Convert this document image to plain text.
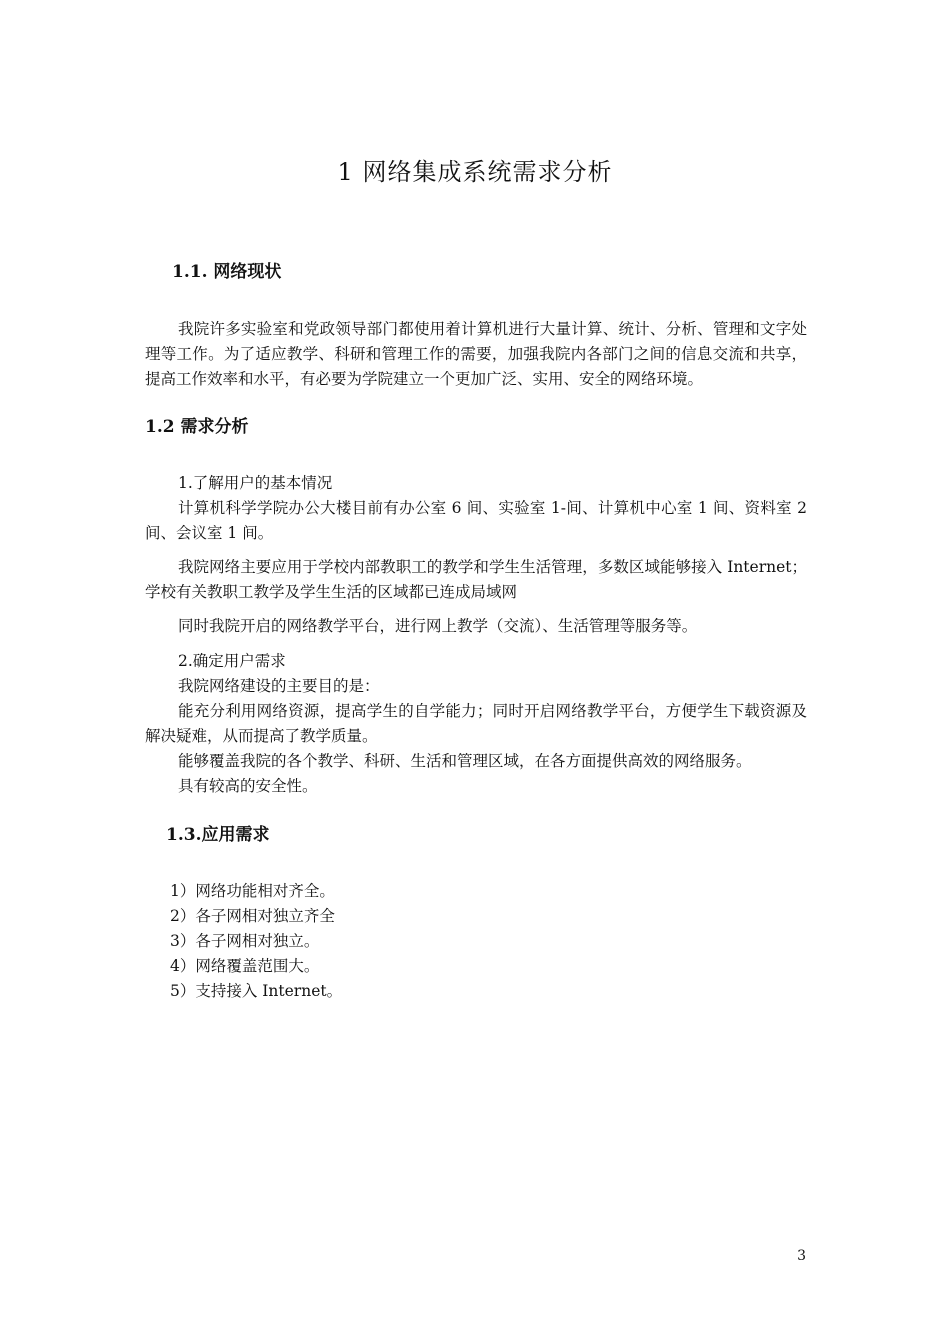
1 网络集成系统需求分析
1.1. 网络现状
我院许多实验室和党政领导部门都使用着计算机进行大量计算、统计、分析、管理和文字处理等工作。为了适应教学、科研和管理工作的需要，加强我院内各部门之间的信息交流和共享，提高工作效率和水平，有必要为学院建立一个更加广泛、实用、安全的网络环境。
1.2 需求分析
1.了解用户的基本情况
计算机科学学院办公大楼目前有办公室 6 间、实验室 1-间、计算机中心室 1 间、资料室 2 间、会议室 1 间。
我院网络主要应用于学校内部教职工的教学和学生生活管理，多数区域能够接入 Internet；学校有关教职工教学及学生生活的区域都已连成局域网
同时我院开启的网络教学平台，进行网上教学（交流）、生活管理等服务等。
2.确定用户需求
我院网络建设的主要目的是：
能充分利用网络资源，提高学生的自学能力；同时开启网络教学平台，方便学生下载资源及解决疑难，从而提高了教学质量。
能够覆盖我院的各个教学、科研、生活和管理区域，在各方面提供高效的网络服务。
具有较高的安全性。
1.3.应用需求
1）网络功能相对齐全。
2）各子网相对独立齐全
3）各子网相对独立。
4）网络覆盖范围大。
5）支持接入 Internet。
3
